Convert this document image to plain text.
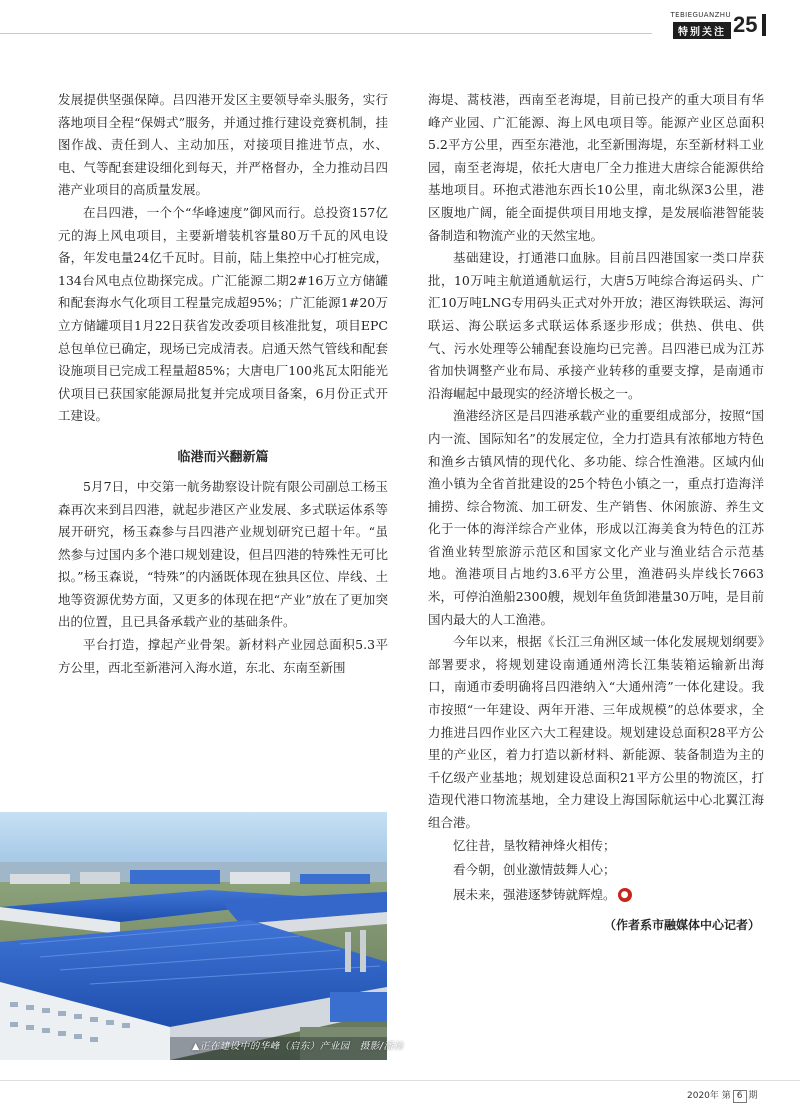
TEBIEGUANZHU
特别关注 25

发展提供坚强保障。吕四港开发区主要领导牵头服务，实行落地项目全程“保姆式”服务，并通过推行建设竞赛机制，挂图作战、责任到人、主动加压，对接项目推进节点，水、电、气等配套建设细化到每天，并严格督办，全力推动吕四港产业项目的高质量发展。

在吕四港，一个个“华峰速度”御风而行。总投资157亿元的海上风电项目，主要新增装机容量80万千瓦的风电设备，年发电量24亿千瓦时。目前，陆上集控中心打桩完成，134台风电点位勘探完成。广汇能源二期2#16万立方储罐和配套海水气化项目工程量完成超95%；广汇能源1#20万立方储罐项目1月22日获省发改委项目核准批复，项目EPC总包单位已确定，现场已完成清表。启通天然气管线和配套设施项目已完成工程量超85%；大唐电厂100兆瓦太阳能光伏项目已获国家能源局批复并完成项目备案，6月份正式开工建设。

临港而兴翻新篇

5月7日，中交第一航务勘察设计院有限公司副总工杨玉森再次来到吕四港，就起步港区产业发展、多式联运体系等展开研究，杨玉森参与吕四港产业规划研究已超十年。“虽然参与过国内多个港口规划建设，但吕四港的特殊性无可比拟。”杨玉森说，“特殊”的内涵既体现在独具区位、岸线、土地等资源优势方面，又更多的体现在把“产业”放在了更加突出的位置，且已具备承载产业的基础条件。

平台打造，撑起产业骨架。新材料产业园总面积5.3平方公里，西北至新港河入海水道，东北、东南至新围

▲正在建设中的华峰（启东）产业园　摄影/潘扬

海堤、蒿枝港，西南至老海堤，目前已投产的重大项目有华峰产业园、广汇能源、海上风电项目等。能源产业区总面积5.2平方公里，西至东港池，北至新围海堤，东至新材料工业园，南至老海堤，依托大唐电厂全力推进大唐综合能源供给基地项目。环抱式港池东西长10公里，南北纵深3公里，港区腹地广阔，能全面提供项目用地支撑，是发展临港智能装备制造和物流产业的天然宝地。

基础建设，打通港口血脉。目前吕四港国家一类口岸获批，10万吨主航道通航运行，大唐5万吨综合海运码头、广汇10万吨LNG专用码头正式对外开放；港区海铁联运、海河联运、海公联运多式联运体系逐步形成；供热、供电、供气、污水处理等公辅配套设施均已完善。吕四港已成为江苏省加快调整产业布局、承接产业转移的重要支撑，是南通市沿海崛起中最现实的经济增长极之一。

渔港经济区是吕四港承载产业的重要组成部分，按照“国内一流、国际知名”的发展定位，全力打造具有浓郁地方特色和渔乡古镇风情的现代化、多功能、综合性渔港。区域内仙渔小镇为全省首批建设的25个特色小镇之一，重点打造海洋捕捞、综合物流、加工研发、生产销售、休闲旅游、养生文化于一体的海洋综合产业体，形成以江海美食为特色的江苏省渔业转型旅游示范区和国家文化产业与渔业结合示范基地。渔港项目占地约3.6平方公里，渔港码头岸线长7663米，可停泊渔船2300艘，规划年鱼货卸港量30万吨，是目前国内最大的人工渔港。

今年以来，根据《长江三角洲区域一体化发展规划纲要》部署要求，将规划建设南通通州湾长江集装箱运输新出海口，南通市委明确将吕四港纳入“大通州湾”一体化建设。我市按照“一年建设、两年开港、三年成规模”的总体要求，全力推进吕四作业区六大工程建设。规划建设总面积28平方公里的产业区，着力打造以新材料、新能源、装备制造为主的千亿级产业基地；规划建设总面积21平方公里的物流区，打造现代港口物流基地，全力建设上海国际航运中心北翼江海组合港。

忆往昔，垦牧精神烽火相传；

看今朝，创业激情鼓舞人心；

展未来，强港逐梦铸就辉煌。 ●

（作者系市融媒体中心记者）
2020年 第 6 期
